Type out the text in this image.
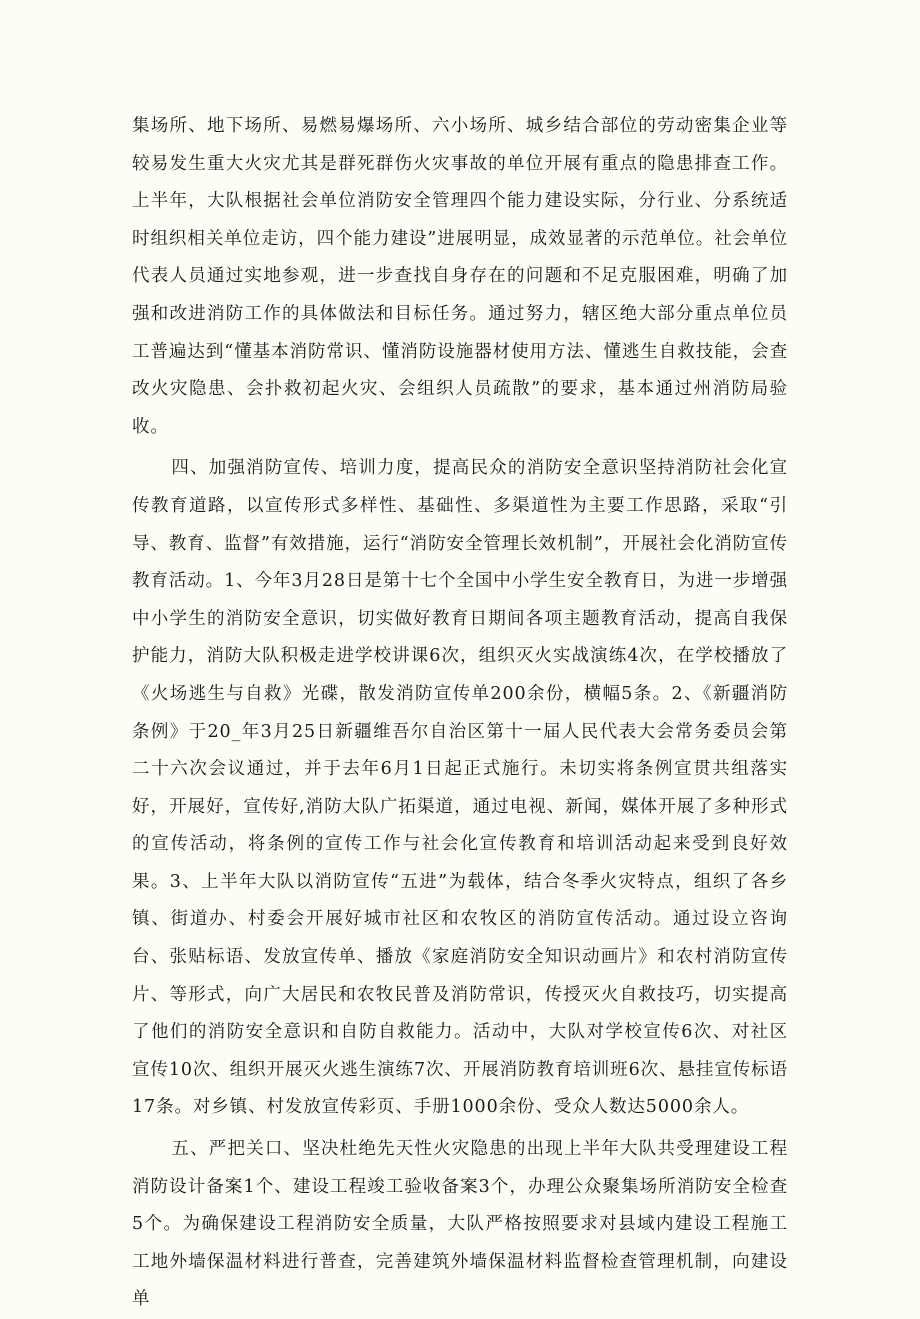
集场所、地下场所、易燃易爆场所、六小场所、城乡结合部位的劳动密集企业等较易发生重大火灾尤其是群死群伤火灾事故的单位开展有重点的隐患排查工作。上半年，大队根据社会单位消防安全管理四个能力建设实际，分行业、分系统适时组织相关单位走访，四个能力建设”进展明显，成效显著的示范单位。社会单位代表人员通过实地参观，进一步查找自身存在的问题和不足克服困难，明确了加强和改进消防工作的具体做法和目标任务。通过努力，辖区绝大部分重点单位员工普遍达到“懂基本消防常识、懂消防设施器材使用方法、懂逃生自救技能，会查改火灾隐患、会扑救初起火灾、会组织人员疏散”的要求，基本通过州消防局验收。

四、加强消防宣传、培训力度，提高民众的消防安全意识坚持消防社会化宣传教育道路，以宣传形式多样性、基础性、多渠道性为主要工作思路，采取“引导、教育、监督”有效措施，运行“消防安全管理长效机制”，开展社会化消防宣传教育活动。1、今年3月28日是第十七个全国中小学生安全教育日，为进一步增强中小学生的消防安全意识，切实做好教育日期间各项主题教育活动，提高自我保护能力，消防大队积极走进学校讲课6次，组织灭火实战演练4次，在学校播放了《火场逃生与自救》光碟，散发消防宣传单200余份，横幅5条。2、《新疆消防条例》于20_年3月25日新疆维吾尔自治区第十一届人民代表大会常务委员会第二十六次会议通过，并于去年6月1日起正式施行。未切实将条例宣贯共组落实好，开展好，宣传好,消防大队广拓渠道，通过电视、新闻，媒体开展了多种形式的宣传活动，将条例的宣传工作与社会化宣传教育和培训活动起来受到良好效果。3、上半年大队以消防宣传“五进”为载体，结合冬季火灾特点，组织了各乡镇、街道办、村委会开展好城市社区和农牧区的消防宣传活动。通过设立咨询台、张贴标语、发放宣传单、播放《家庭消防安全知识动画片》和农村消防宣传片、等形式，向广大居民和农牧民普及消防常识，传授灭火自救技巧，切实提高了他们的消防安全意识和自防自救能力。活动中，大队对学校宣传6次、对社区宣传10次、组织开展灭火逃生演练7次、开展消防教育培训班6次、悬挂宣传标语17条。对乡镇、村发放宣传彩页、手册1000余份、受众人数达5000余人。

五、严把关口、坚决杜绝先天性火灾隐患的出现上半年大队共受理建设工程消防设计备案1个、建设工程竣工验收备案3个，办理公众聚集场所消防安全检查5个。为确保建设工程消防安全质量，大队严格按照要求对县域内建设工程施工工地外墙保温材料进行普查，完善建筑外墙保温材料监督检查管理机制，向建设单
